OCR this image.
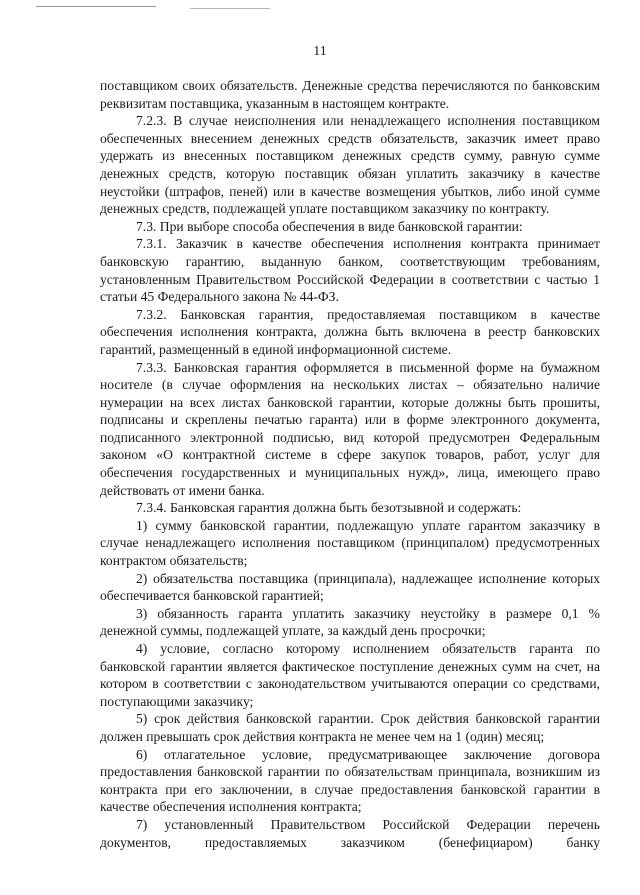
11

поставщиком своих обязательств. Денежные средства перечисляются по банковским реквизитам поставщика, указанным в настоящем контракте.

7.2.3. В случае неисполнения или ненадлежащего исполнения поставщиком обеспеченных внесением денежных средств обязательств, заказчик имеет право удержать из внесенных поставщиком денежных средств сумму, равную сумме денежных средств, которую поставщик обязан уплатить заказчику в качестве неустойки (штрафов, пеней) или в качестве возмещения убытков, либо иной сумме денежных средств, подлежащей уплате поставщиком заказчику по контракту.

7.3. При выборе способа обеспечения в виде банковской гарантии:

7.3.1. Заказчик в качестве обеспечения исполнения контракта принимает банковскую гарантию, выданную банком, соответствующим требованиям, установленным Правительством Российской Федерации в соответствии с частью 1 статьи 45 Федерального закона № 44-ФЗ.

7.3.2. Банковская гарантия, предоставляемая поставщиком в качестве обеспечения исполнения контракта, должна быть включена в реестр банковских гарантий, размещенный в единой информационной системе.

7.3.3. Банковская гарантия оформляется в письменной форме на бумажном носителе (в случае оформления на нескольких листах – обязательно наличие нумерации на всех листах банковской гарантии, которые должны быть прошиты, подписаны и скреплены печатью гаранта) или в форме электронного документа, подписанного электронной подписью, вид которой предусмотрен Федеральным законом «О контрактной системе в сфере закупок товаров, работ, услуг для обеспечения государственных и муниципальных нужд», лица, имеющего право действовать от имени банка.

7.3.4. Банковская гарантия должна быть безотзывной и содержать:

1) сумму банковской гарантии, подлежащую уплате гарантом заказчику в случае ненадлежащего исполнения поставщиком (принципалом) предусмотренных контрактом обязательств;

2) обязательства поставщика (принципала), надлежащее исполнение которых обеспечивается банковской гарантией;

3) обязанность гаранта уплатить заказчику неустойку в размере 0,1 % денежной суммы, подлежащей уплате, за каждый день просрочки;

4) условие, согласно которому исполнением обязательств гаранта по банковской гарантии является фактическое поступление денежных сумм на счет, на котором в соответствии с законодательством учитываются операции со средствами, поступающими заказчику;

5) срок действия банковской гарантии. Срок действия банковской гарантии должен превышать срок действия контракта не менее чем на 1 (один) месяц;

6) отлагательное условие, предусматривающее заключение договора предоставления банковской гарантии по обязательствам принципала, возникшим из контракта при его заключении, в случае предоставления банковской гарантии в качестве обеспечения исполнения контракта;

7) установленный Правительством Российской Федерации перечень документов, предоставляемых заказчиком (бенефициаром) банку
